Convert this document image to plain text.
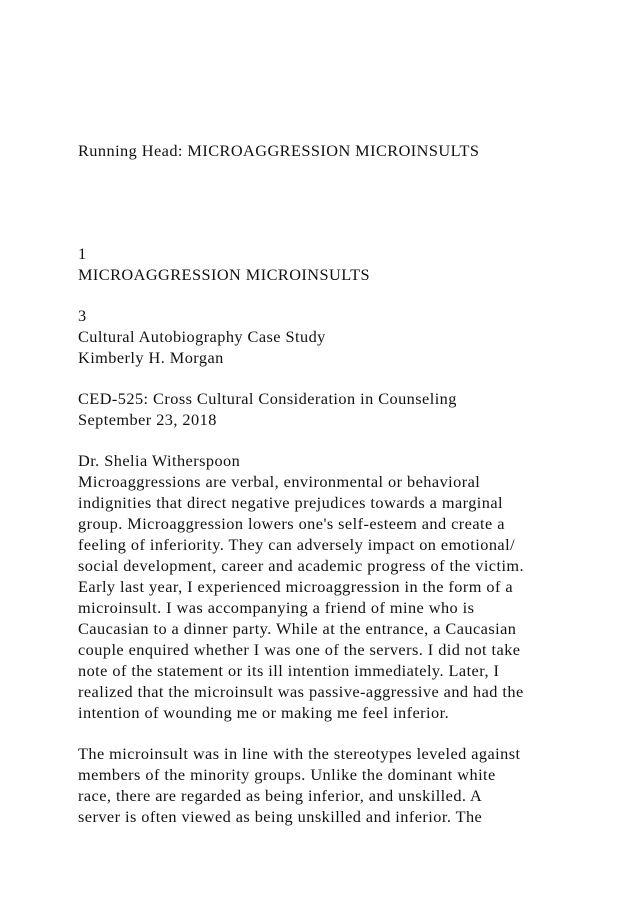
Running Head: MICROAGGRESSION MICROINSULTS

1

MICROAGGRESSION MICROINSULTS

3

Cultural Autobiography Case Study

Kimberly H. Morgan

CED-525: Cross Cultural Consideration in Counseling

September 23, 2018

Dr. Shelia Witherspoon

Microaggressions are verbal, environmental or behavioral

indignities that direct negative prejudices towards a marginal

group. Microaggression lowers one's self-esteem and create a

feeling of inferiority. They can adversely impact on emotional/

social development, career and academic progress of the victim.

Early last year, I experienced microaggression in the form of a

microinsult. I was accompanying a friend of mine who is

Caucasian to a dinner party. While at the entrance, a Caucasian

couple enquired whether I was one of the servers. I did not take

note of the statement or its ill intention immediately. Later, I

realized that the microinsult was passive-aggressive and had the

intention of wounding me or making me feel inferior.

The microinsult was in line with the stereotypes leveled against

members of the minority groups. Unlike the dominant white

race, there are regarded as being inferior, and unskilled. A

server is often viewed as being unskilled and inferior. The
